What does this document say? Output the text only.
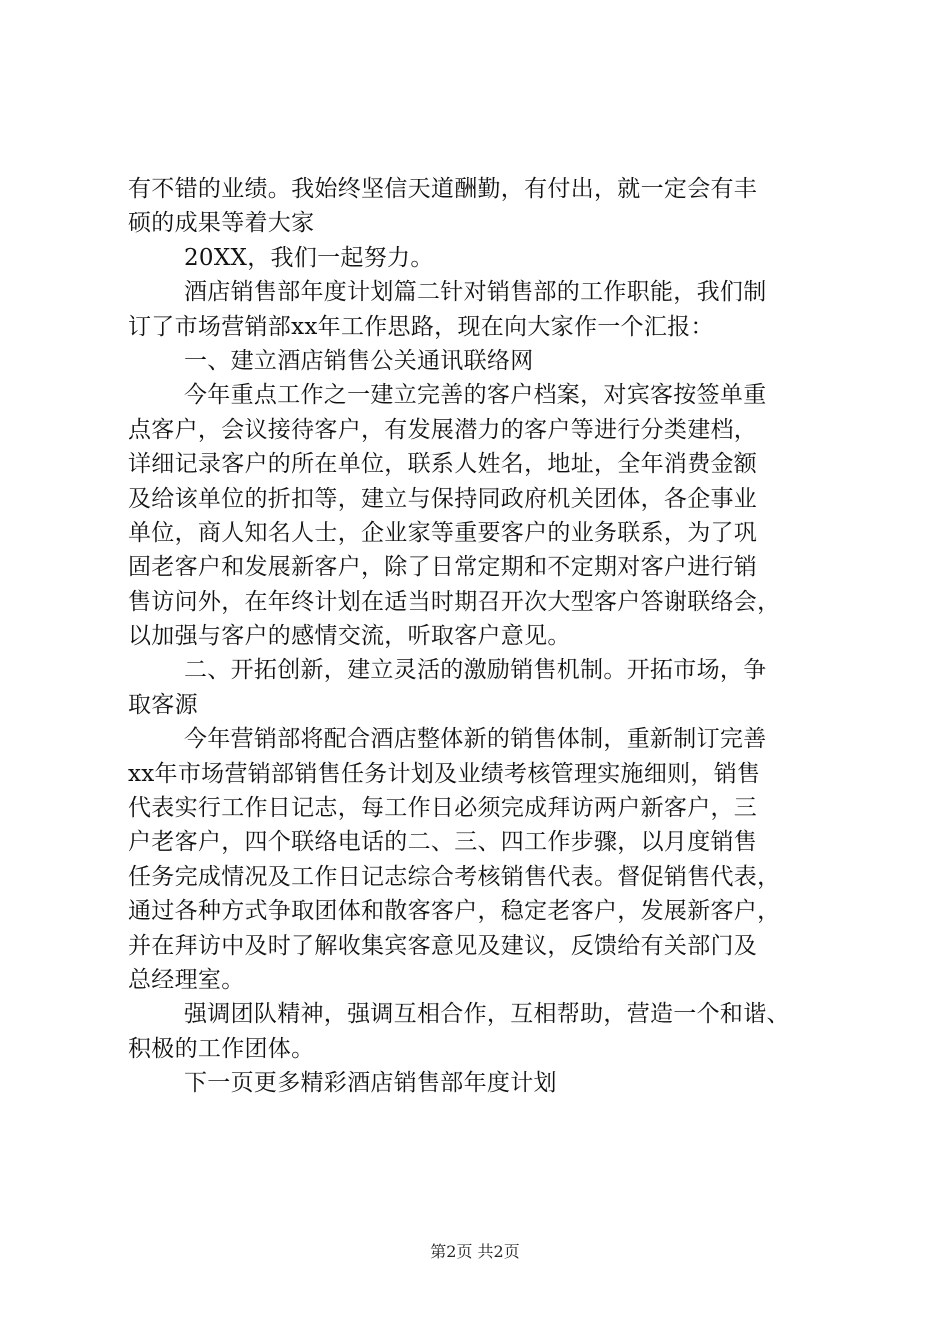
有不错的业绩。我始终坚信天道酬勤，有付出，就一定会有丰
硕的成果等着大家
20XX，我们一起努力。
酒店销售部年度计划篇二针对销售部的工作职能，我们制
订了市场营销部xx年工作思路，现在向大家作一个汇报：
一、建立酒店销售公关通讯联络网
今年重点工作之一建立完善的客户档案，对宾客按签单重
点客户，会议接待客户，有发展潜力的客户等进行分类建档，
详细记录客户的所在单位，联系人姓名，地址，全年消费金额
及给该单位的折扣等，建立与保持同政府机关团体，各企事业
单位，商人知名人士，企业家等重要客户的业务联系，为了巩
固老客户和发展新客户，除了日常定期和不定期对客户进行销
售访问外，在年终计划在适当时期召开次大型客户答谢联络会，
以加强与客户的感情交流，听取客户意见。
二、开拓创新，建立灵活的激励销售机制。开拓市场，争
取客源
今年营销部将配合酒店整体新的销售体制，重新制订完善
xx年市场营销部销售任务计划及业绩考核管理实施细则，销售
代表实行工作日记志，每工作日必须完成拜访两户新客户，三
户老客户，四个联络电话的二、三、四工作步骤，以月度销售
任务完成情况及工作日记志综合考核销售代表。督促销售代表，
通过各种方式争取团体和散客客户，稳定老客户，发展新客户，
并在拜访中及时了解收集宾客意见及建议，反馈给有关部门及
总经理室。
强调团队精神，强调互相合作，互相帮助，营造一个和谐、
积极的工作团体。
下一页更多精彩酒店销售部年度计划
第2页 共2页
